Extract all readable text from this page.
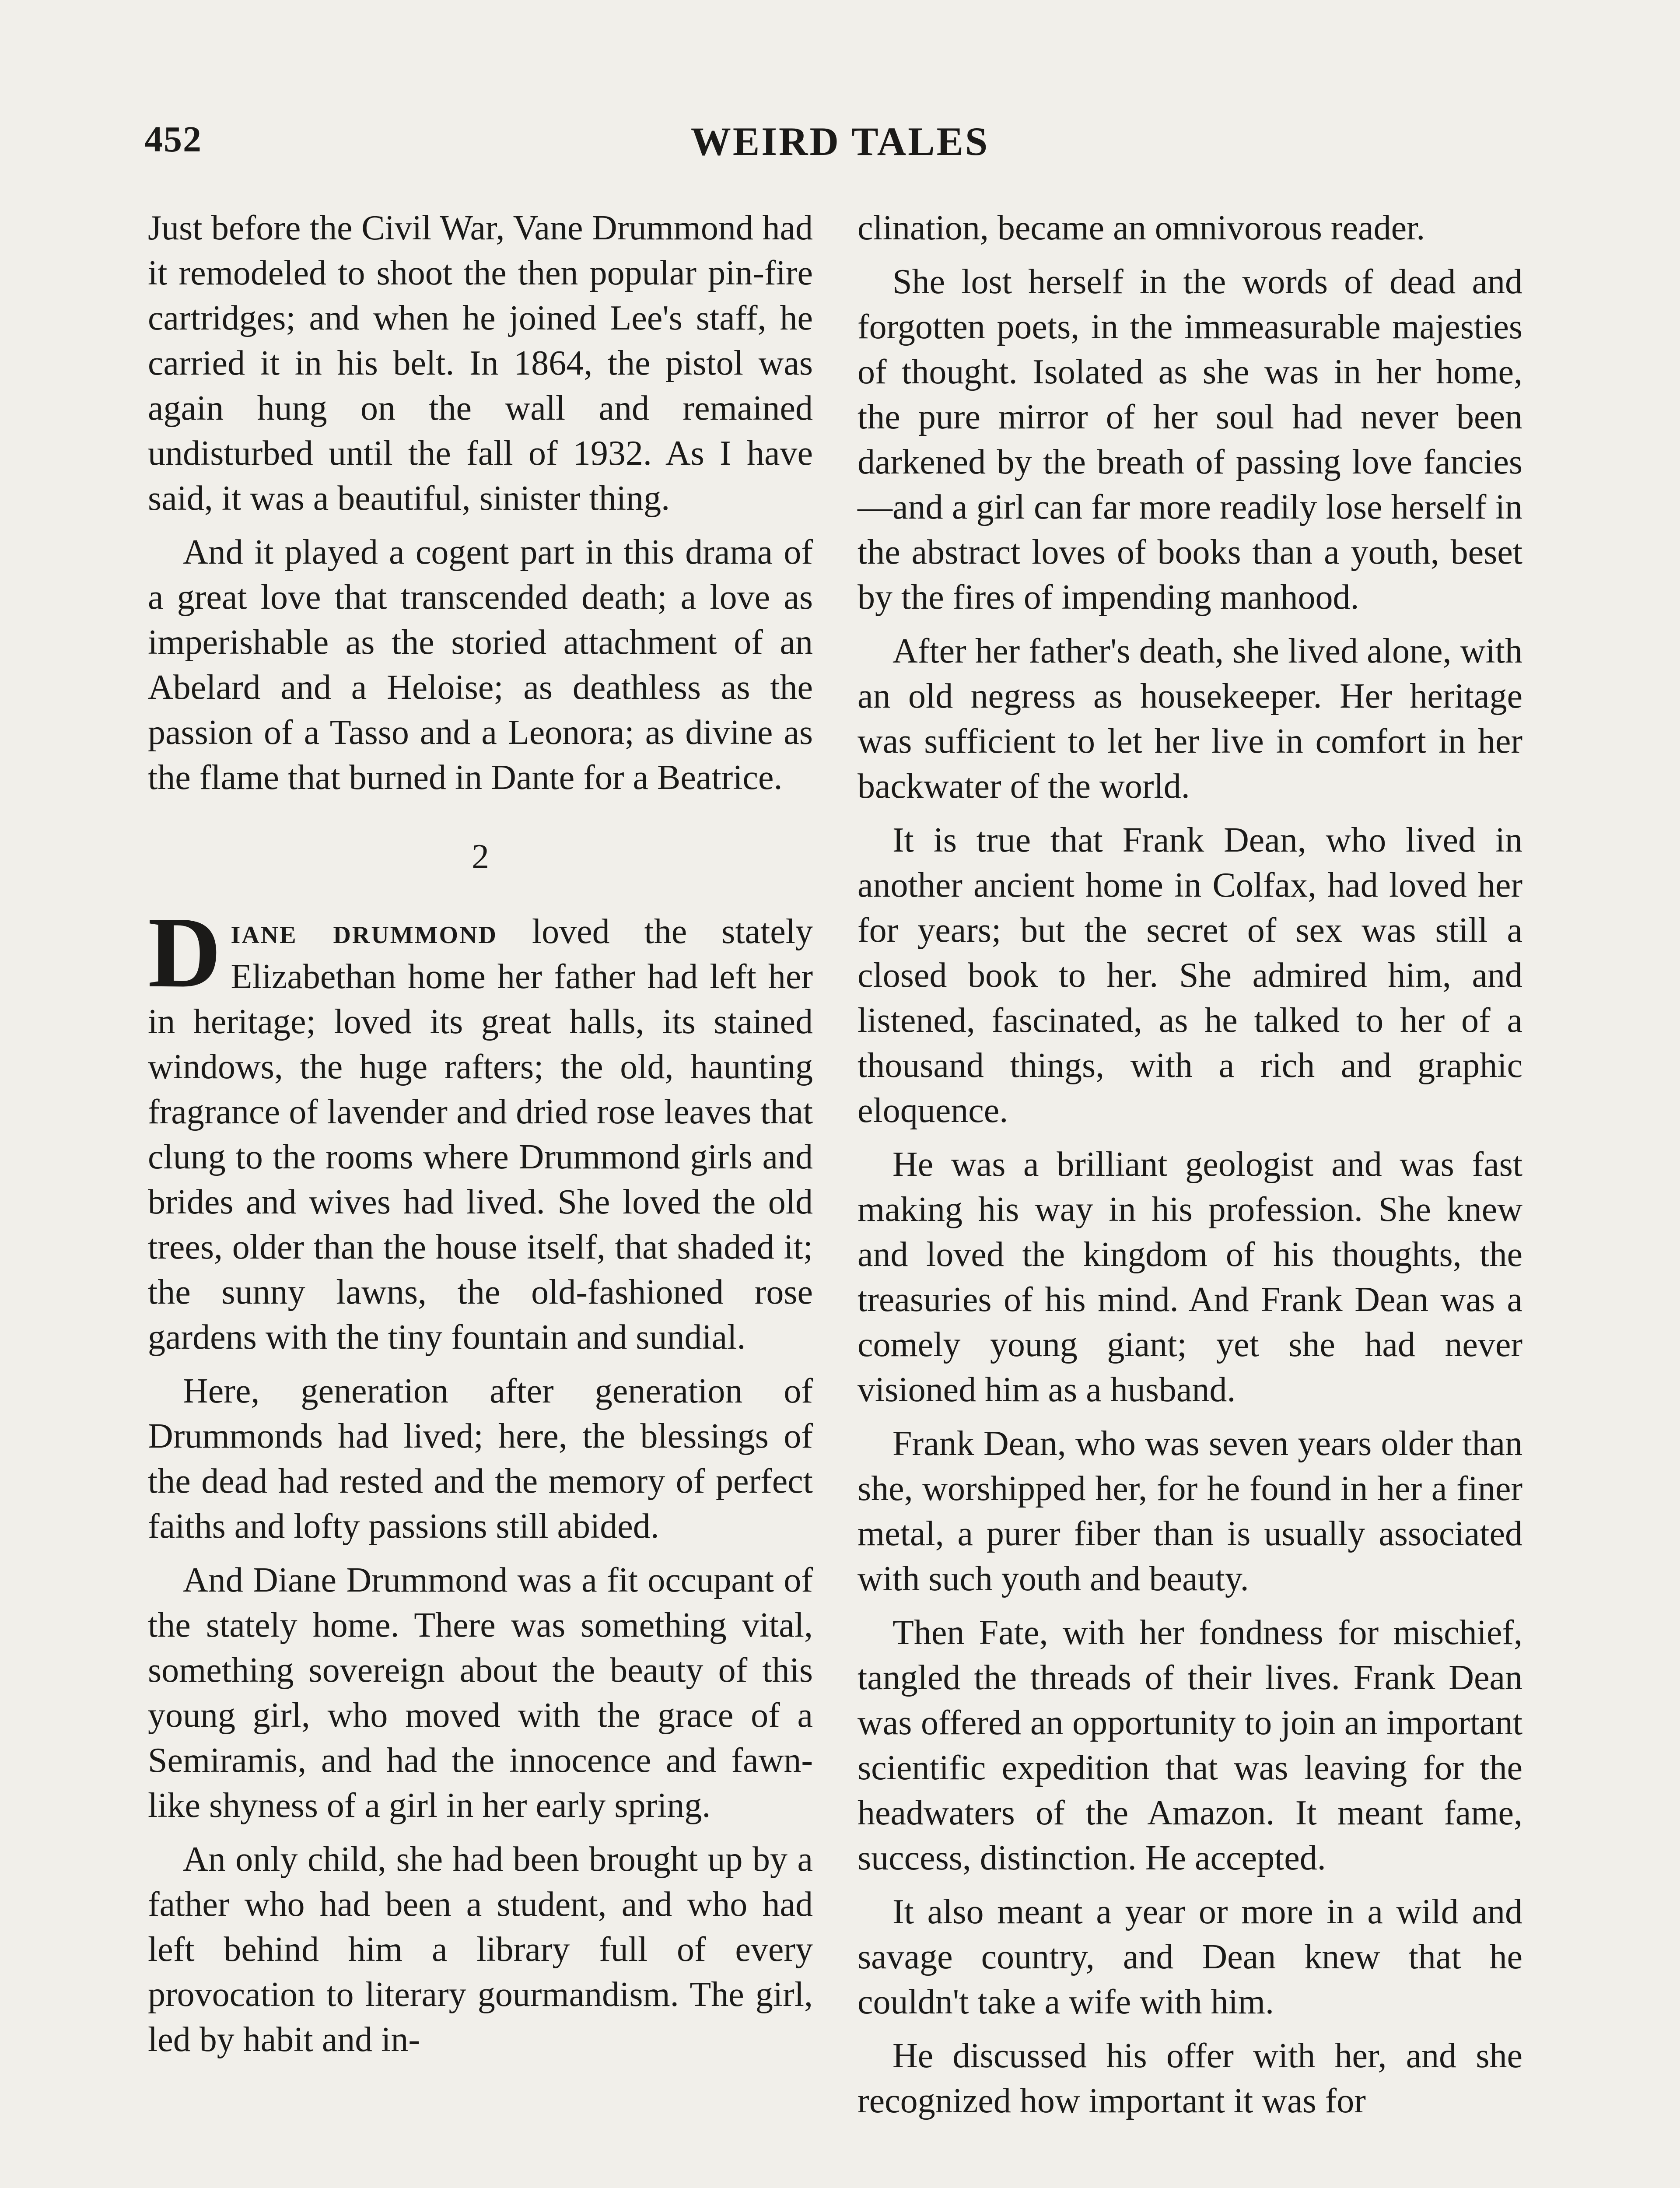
452	WEIRD TALES

Just before the Civil War, Vane Drummond had it remodeled to shoot the then popular pin-fire cartridges; and when he joined Lee's staff, he carried it in his belt. In 1864, the pistol was again hung on the wall and remained undisturbed until the fall of 1932. As I have said, it was a beautiful, sinister thing.

And it played a cogent part in this drama of a great love that transcended death; a love as imperishable as the storied attachment of an Abelard and a Heloise; as deathless as the passion of a Tasso and a Leonora; as divine as the flame that burned in Dante for a Beatrice.

2

Diane drummond loved the stately Elizabethan home her father had left her in heritage; loved its great halls, its stained windows, the huge rafters; the old, haunting fragrance of lavender and dried rose leaves that clung to the rooms where Drummond girls and brides and wives had lived. She loved the old trees, older than the house itself, that shaded it; the sunny lawns, the old-fashioned rose gardens with the tiny fountain and sundial.

Here, generation after generation of Drummonds had lived; here, the blessings of the dead had rested and the memory of perfect faiths and lofty passions still abided.

And Diane Drummond was a fit occupant of the stately home. There was something vital, something sovereign about the beauty of this young girl, who moved with the grace of a Semiramis, and had the innocence and fawn-like shyness of a girl in her early spring.

An only child, she had been brought up by a father who had been a student, and who had left behind him a library full of every provocation to literary gourmandism. The girl, led by habit and in-

clination, became an omnivorous reader.

She lost herself in the words of dead and forgotten poets, in the immeasurable majesties of thought. Isolated as she was in her home, the pure mirror of her soul had never been darkened by the breath of passing love fancies—and a girl can far more readily lose herself in the abstract loves of books than a youth, beset by the fires of impending manhood.

After her father's death, she lived alone, with an old negress as housekeeper. Her heritage was sufficient to let her live in comfort in her backwater of the world.

It is true that Frank Dean, who lived in another ancient home in Colfax, had loved her for years; but the secret of sex was still a closed book to her. She admired him, and listened, fascinated, as he talked to her of a thousand things, with a rich and graphic eloquence.

He was a brilliant geologist and was fast making his way in his profession. She knew and loved the kingdom of his thoughts, the treasuries of his mind. And Frank Dean was a comely young giant; yet she had never visioned him as a husband.

Frank Dean, who was seven years older than she, worshipped her, for he found in her a finer metal, a purer fiber than is usually associated with such youth and beauty.

Then Fate, with her fondness for mischief, tangled the threads of their lives. Frank Dean was offered an opportunity to join an important scientific expedition that was leaving for the headwaters of the Amazon. It meant fame, success, distinction. He accepted.

It also meant a year or more in a wild and savage country, and Dean knew that he couldn't take a wife with him.

He discussed his offer with her, and she recognized how important it was for
